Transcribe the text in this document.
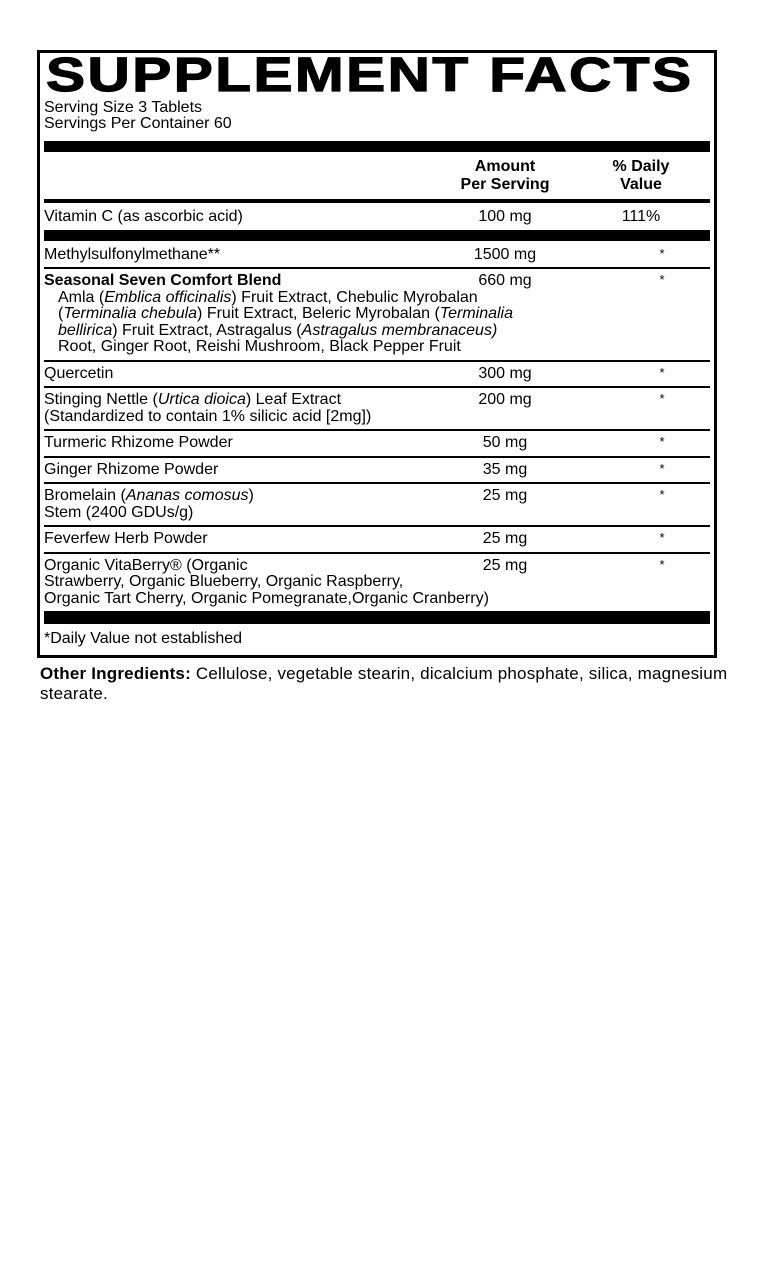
SUPPLEMENT FACTS
Serving Size 3 Tablets
Servings Per Container 60
Amount
Per Serving
% Daily
Value
Vitamin C (as ascorbic acid)	100 mg	111%
Methylsulfonylmethane**	1500 mg	*
Seasonal Seven Comfort Blend
Amla (Emblica officinalis) Fruit Extract, Chebulic Myrobalan
(Terminalia chebula) Fruit Extract, Beleric Myrobalan (Terminalia
bellirica) Fruit Extract, Astragalus (Astragalus membranaceus)
Root, Ginger Root, Reishi Mushroom, Black Pepper Fruit
660 mg	*
Quercetin	300 mg	*
Stinging Nettle (Urtica dioica) Leaf Extract
(Standardized to contain 1% silicic acid [2mg])
200 mg	*
Turmeric Rhizome Powder	50 mg	*
Ginger Rhizome Powder	35 mg	*
Bromelain (Ananas comosus)
Stem (2400 GDUs/g)
25 mg	*
Feverfew Herb Powder	25 mg	*
Organic VitaBerry® (Organic
Strawberry, Organic Blueberry, Organic Raspberry,
Organic Tart Cherry, Organic Pomegranate,Organic Cranberry)
25 mg	*
*Daily Value not established
Other Ingredients: Cellulose, vegetable stearin, dicalcium phosphate, silica, magnesium stearate.
